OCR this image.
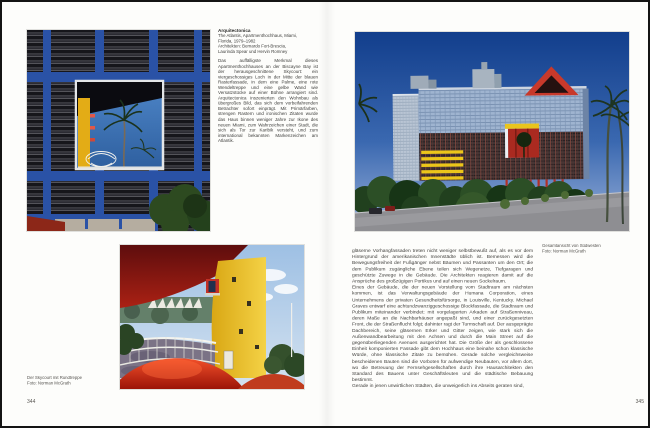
Arquitectonica
The Atlantis, Apartmenthochhaus, Miami,
Florida, 1979–1982
Architekten: Bernardo Fort-Brescia,
Laurinda Spear und Hervin Romney
Das auffälligste Merkmal dieses Apartmenthochhauses an der Biscayne Bay ist der herausgeschnittene Skycourt: ein viergeschossiges Loch in der Mitte der blauen Rasterfassade, in dem eine Palme, eine rote Wendeltreppe und eine gelbe Wand wie Versatzstücke auf einer Bühne arrangiert sind. Arquitectonica inszenierten den Wohnbau als übergroßes Bild, das sich dem vorbeifahrenden Betrachter sofort einprägt. Mit Primärfarben, strengen Rastern und ironischen Zitaten wurde das Haus binnen weniger Jahre zur Ikone des neuen Miami, zum Wahrzeichen einer Stadt, die sich als Tor zur Karibik versteht, und zum international bekannten Markenzeichen am Atlantik.
Der Skycourt mit Rundtreppe
Foto: Norman McGrath
344
Gesamtansicht von Südwesten
Foto: Norman McGrath

gläserne Vorhangfassaden treten nicht weniger selbstbewußt auf, als es vor dem Hintergrund der amerikanischen Innenstädte üblich ist. Bemessen wird die Bewegungsfreiheit der Fußgänger nebst Bäumen und Passanten um den Ort; die dem Publikum zugängliche Ebene teilen sich Wegenetze, Tiefgaragen und geschützte Zuwege in die Gebäude. Die Architekten reagieren damit auf die Ansprüche des großzügigen Portikus und auf einen neuen Sockelraum.

Eines der Gebäude, die der neuen Vorstellung vom Stadtraum am nächsten kommen, ist das Verwaltungsgebäude der Humana Corporation, eines Unternehmens der privaten Gesundheitsfürsorge, in Louisville, Kentucky. Michael Graves entwarf eine achtundzwanziggeschossige Blockfassade, die Stadtraum und Publikum miteinander verbindet: mit vorgelagerten Arkaden auf Straßenniveau, deren Maße an die Nachbarhäuser angepaßt sind, und einer zurückgesetzten Front, die der Straßenflucht folgt; dahinter ragt der Turmschaft auf. Der ausgeprägte Dachbereich, seine gläsernen Erker und Gitter zeigen, wie stark sich die Außenwandbearbeitung mit den Achsen und durch die Main Street auf die gegenüberliegenden Avenues ausgerichtet hat. Die Größe der als geschlossene Einheit komponierten Fassade gibt dem Hochhaus eine beinahe schon klassische Würde, ohne klassische Zitate zu bemühen. Gerade solche vergleichsweise bescheidenen Bauten sind die Vorboten für aufwendige Neubauten, vor allem dort, wo die Betreuung der Fernsehgesellschaften durch ihre Hausarchitekten den Standard des Bauens unter Geschäftsleuten und die städtische Bebauung bestimmt.

Gerade in jenen unwirtlichen Städten, die unweigerlich ins Abseits geraten sind,

345
